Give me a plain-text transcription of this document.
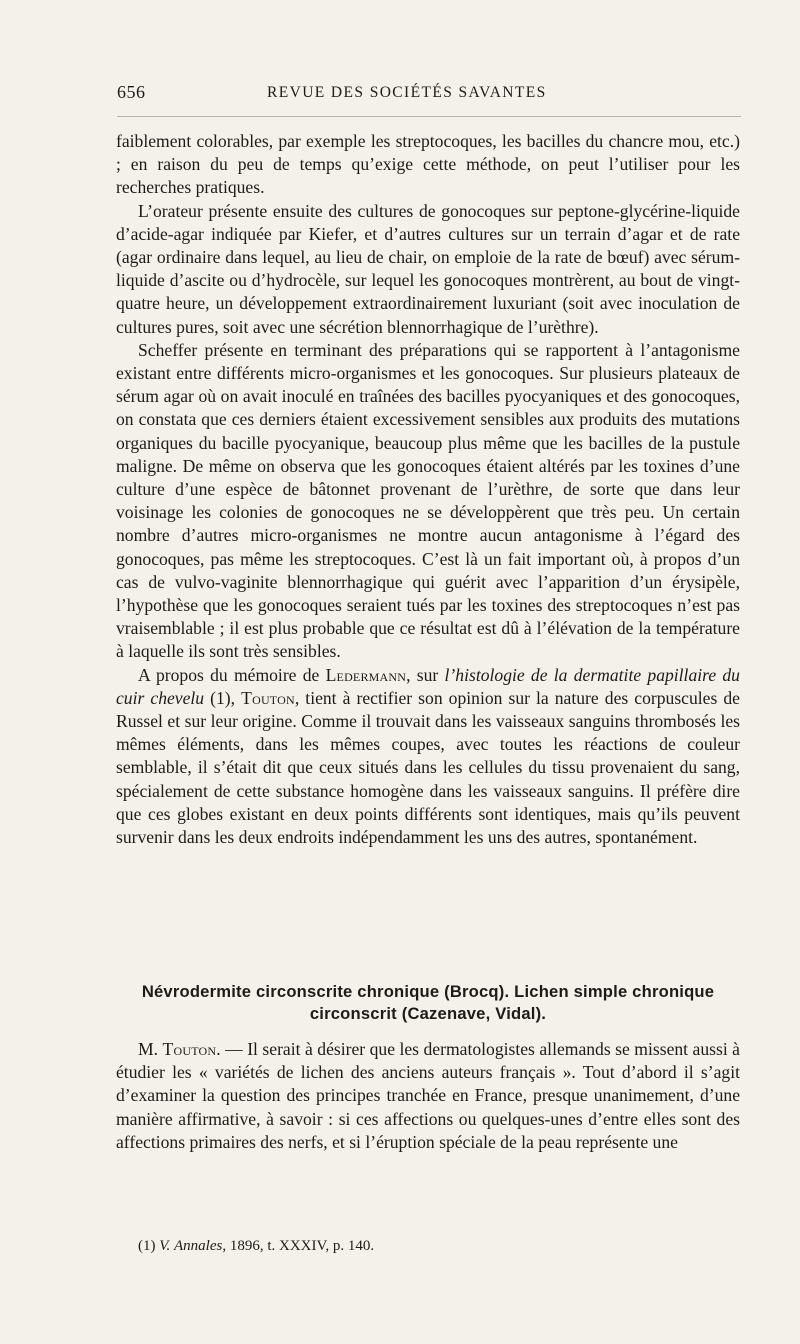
656	REVUE DES SOCIÉTÉS SAVANTES

faiblement colorables, par exemple les streptocoques, les bacilles du chancre mou, etc.) ; en raison du peu de temps qu’exige cette méthode, on peut l’utiliser pour les recherches pratiques.

L’orateur présente ensuite des cultures de gonocoques sur peptone-glycérine-liquide d’acide-agar indiquée par Kiefer, et d’autres cultures sur un terrain d’agar et de rate (agar ordinaire dans lequel, au lieu de chair, on emploie de la rate de bœuf) avec sérum-liquide d’ascite ou d’hydrocèle, sur lequel les gonocoques montrèrent, au bout de vingt-quatre heure, un développement extraordinairement luxuriant (soit avec inoculation de cultures pures, soit avec une sécrétion blennorrhagique de l’urèthre).

Scheffer présente en terminant des préparations qui se rapportent à l’antagonisme existant entre différents micro-organismes et les gonocoques. Sur plusieurs plateaux de sérum agar où on avait inoculé en traînées des bacilles pyocyaniques et des gonocoques, on constata que ces derniers étaient excessivement sensibles aux produits des mutations organiques du bacille pyocyanique, beaucoup plus même que les bacilles de la pustule maligne. De même on observa que les gonocoques étaient altérés par les toxines d’une culture d’une espèce de bâtonnet provenant de l’urèthre, de sorte que dans leur voisinage les colonies de gonocoques ne se développèrent que très peu. Un certain nombre d’autres micro-organismes ne montre aucun antagonisme à l’égard des gonocoques, pas même les streptocoques. C’est là un fait important où, à propos d’un cas de vulvo-vaginite blennorrhagique qui guérit avec l’apparition d’un érysipèle, l’hypothèse que les gonocoques seraient tués par les toxines des streptocoques n’est pas vraisemblable ; il est plus probable que ce résultat est dû à l’élévation de la température à laquelle ils sont très sensibles.

A propos du mémoire de Ledermann, sur l’histologie de la dermatite papillaire du cuir chevelu (1), Touton, tient à rectifier son opinion sur la nature des corpuscules de Russel et sur leur origine. Comme il trouvait dans les vaisseaux sanguins thrombosés les mêmes éléments, dans les mêmes coupes, avec toutes les réactions de couleur semblable, il s’était dit que ceux situés dans les cellules du tissu provenaient du sang, spécialement de cette substance homogène dans les vaisseaux sanguins. Il préfère dire que ces globes existant en deux points différents sont identiques, mais qu’ils peuvent survenir dans les deux endroits indépendamment les uns des autres, spontanément.

Névrodermite circonscrite chronique (Brocq). Lichen simple chronique circonscrit (Cazenave, Vidal).

M. Touton. — Il serait à désirer que les dermatologistes allemands se missent aussi à étudier les « variétés de lichen des anciens auteurs français ». Tout d’abord il s’agit d’examiner la question des principes tranchée en France, presque unanimement, d’une manière affirmative, à savoir : si ces affections ou quelques-unes d’entre elles sont des affections primaires des nerfs, et si l’éruption spéciale de la peau représente une

(1) V. Annales, 1896, t. XXXIV, p. 140.
